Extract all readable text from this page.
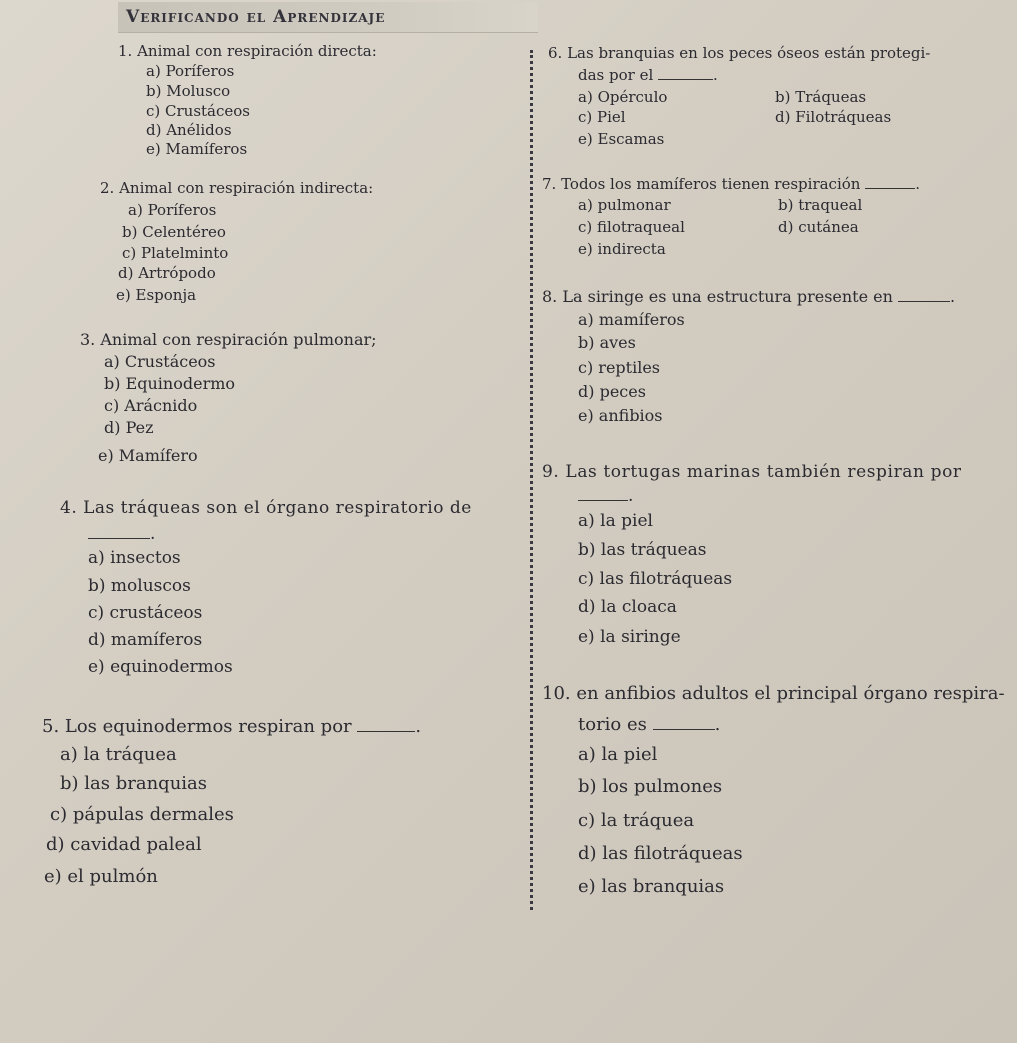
Verificando el Aprendizaje
1. Animal con respiración directa:
a) Poríferos
b) Molusco
c) Crustáceos
d) Anélidos
e) Mamíferos
2. Animal con respiración indirecta:
a) Poríferos
b) Celentéreo
c) Platelminto
d) Artrópodo
e) Esponja
3. Animal con respiración pulmonar;
a) Crustáceos
b) Equinodermo
c) Arácnido
d) Pez
e) Mamífero
4. Las tráqueas son el órgano respiratorio de
.
a) insectos
b) moluscos
c) crustáceos
d) mamíferos
e) equinodermos
5. Los equinodermos respiran por	.
a) la tráquea
b) las branquias
c) pápulas dermales
d) cavidad paleal
e) el pulmón
6. Las branquias en los peces óseos están protegi-
das por el	.
a) Opérculo	b) Tráqueas
c) Piel	d) Filotráqueas
e) Escamas
7. Todos los mamíferos tienen respiración	.
a) pulmonar	b) traqueal
c) filotraqueal	d) cutánea
e) indirecta
8. La siringe es una estructura presente en	.
a) mamíferos
b) aves
c) reptiles
d) peces
e) anfibios
9. Las tortugas marinas también respiran por
.
a) la piel
b) las tráqueas
c) las filotráqueas
d) la cloaca
e) la siringe
10. en anfibios adultos el principal órgano respira-
torio es	.
a) la piel
b) los pulmones
c) la tráquea
d) las filotráqueas
e) las branquias
